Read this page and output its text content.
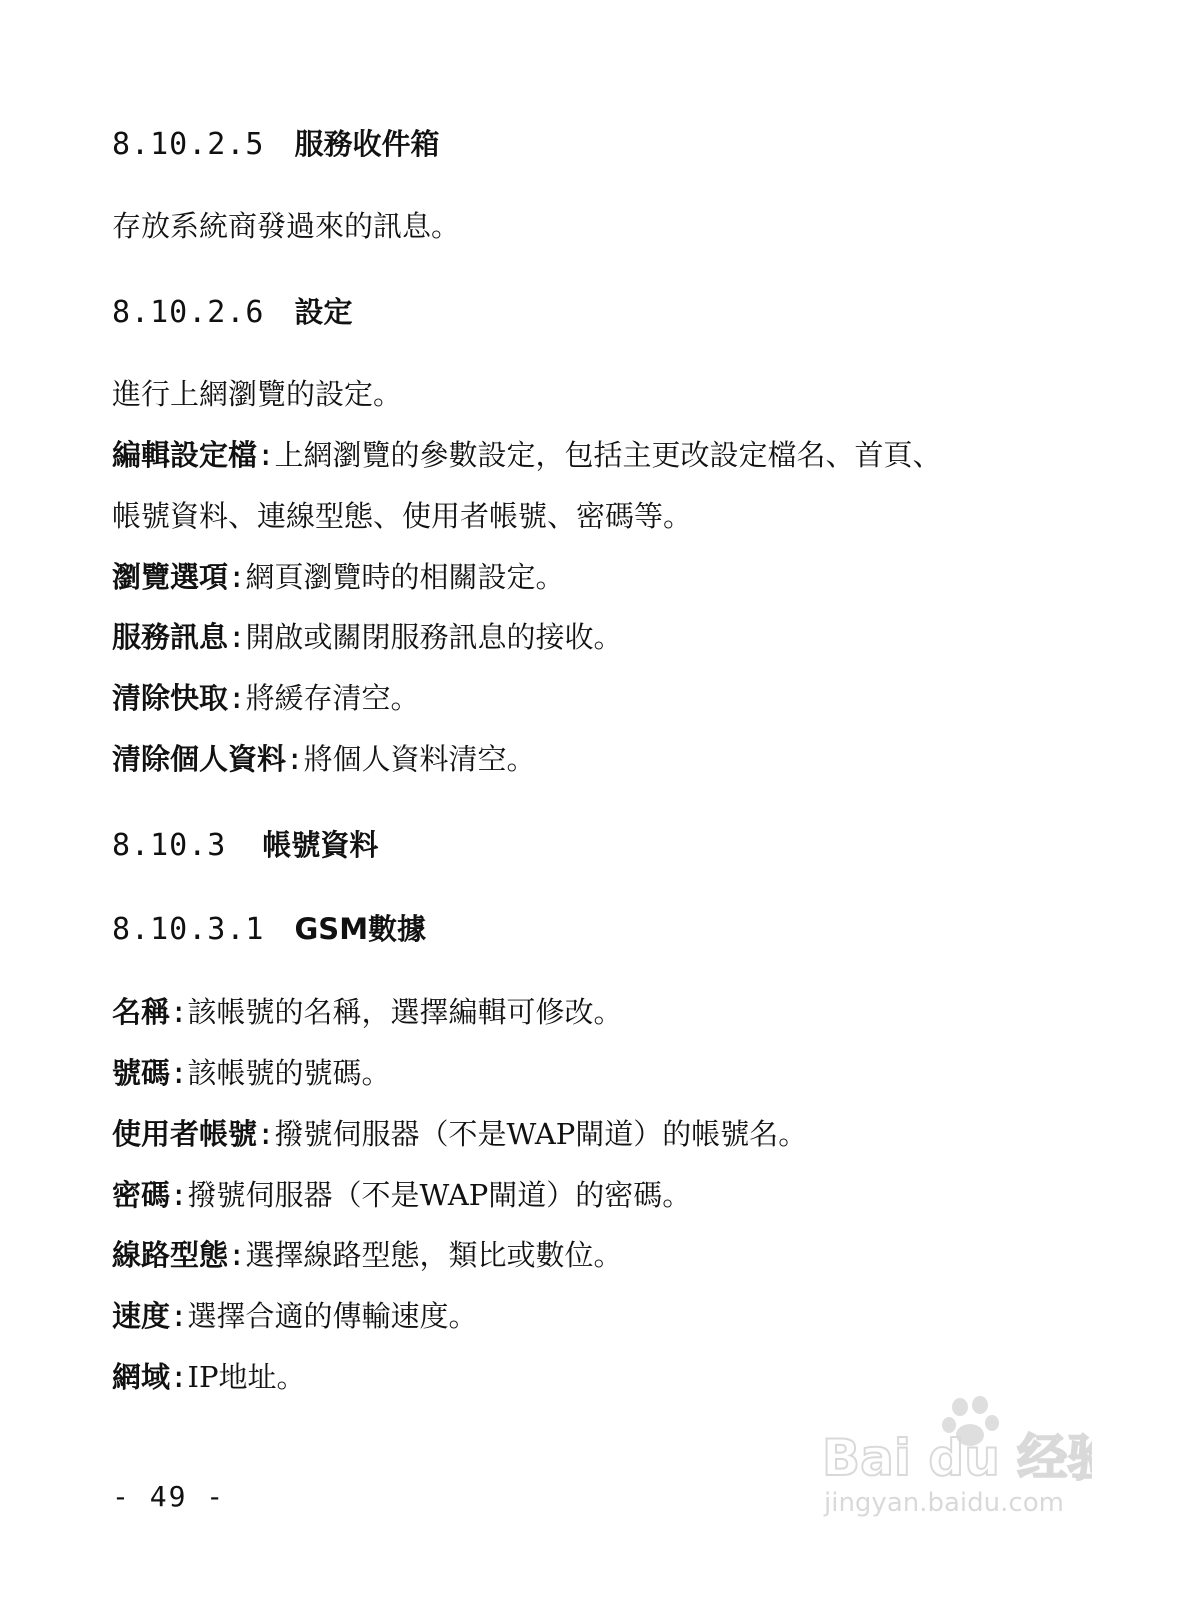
8.10.2.5 服務收件箱
存放系統商發過來的訊息。
8.10.2.6 設定
進行上網瀏覽的設定。
編輯設定檔:上網瀏覽的參數設定，包括主更改設定檔名、首頁、
帳號資料、連線型態、使用者帳號、密碼等。
瀏覽選項:網頁瀏覽時的相關設定。
服務訊息:開啟或關閉服務訊息的接收。
清除快取:將緩存清空。
清除個人資料:將個人資料清空。
8.10.3 帳號資料
8.10.3.1 GSM數據
名稱:該帳號的名稱，選擇編輯可修改。
號碼:該帳號的號碼。
使用者帳號:撥號伺服器（不是WAP閘道）的帳號名。
密碼:撥號伺服器（不是WAP閘道）的密碼。
線路型態:選擇線路型態，類比或數位。
速度:選擇合適的傳輸速度。
網域:IP地址。
- 49 -
Bai du 经验
jingyan.baidu.com
